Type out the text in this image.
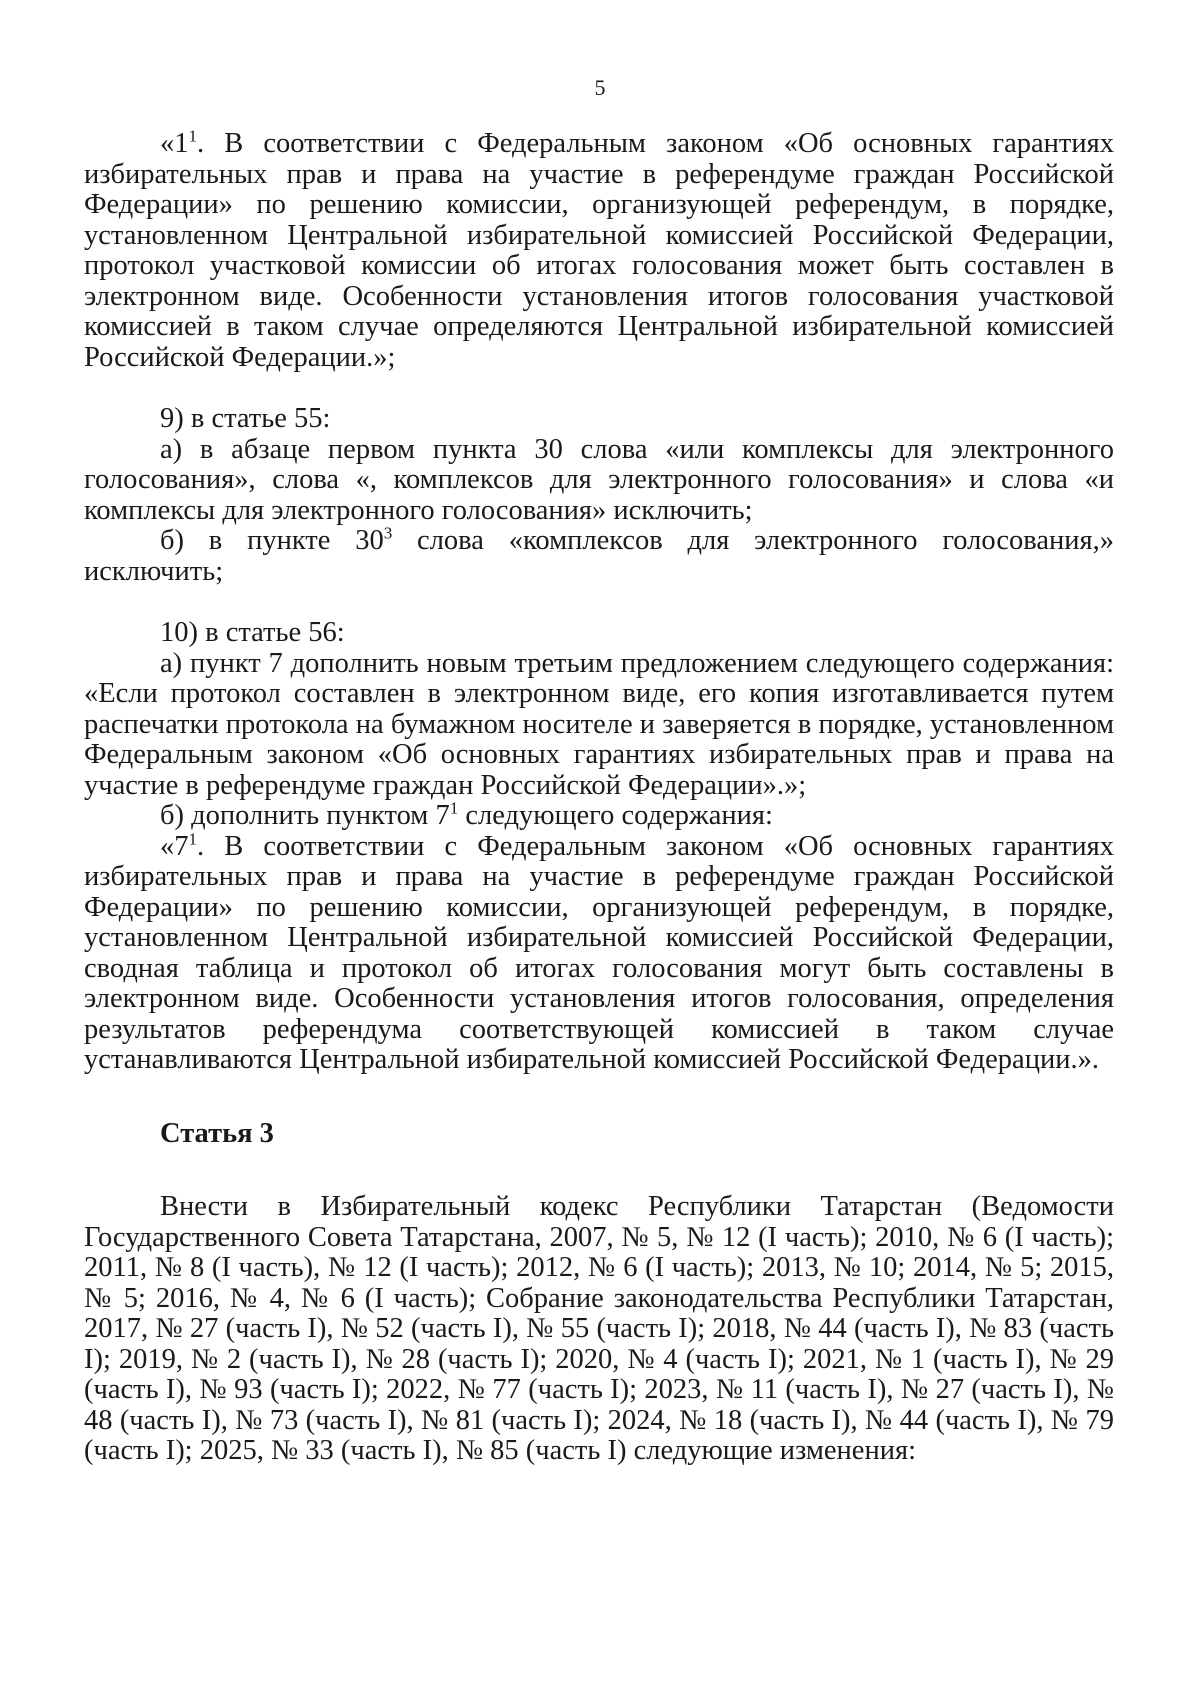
5

«$1^1$. В соответствии с Федеральным законом «Об основных гарантиях избирательных прав и права на участие в референдуме граждан Российской Федерации» по решению комиссии, организующей референдум, в порядке, установленном Центральной избирательной комиссией Российской Федерации, протокол участковой комиссии об итогах голосования может быть составлен в электронном виде. Особенности установления итогов голосования участковой комиссией в таком случае определяются Центральной избирательной комиссией Российской Федерации.»;

9) в статье 55:

а) в абзаце первом пункта 30 слова «или комплексы для электронного голосования», слова «, комплексов для электронного голосования» и слова «и комплексы для электронного голосования» исключить;

б) в пункте $30^3$ слова «комплексов для электронного голосования,» исключить;

10) в статье 56:

а) пункт 7 дополнить новым третьим предложением следующего содержания: «Если протокол составлен в электронном виде, его копия изготавливается путем распечатки протокола на бумажном носителе и заверяется в порядке, установленном Федеральным законом «Об основных гарантиях избирательных прав и права на участие в референдуме граждан Российской Федерации».»;

б) дополнить пунктом $7^1$ следующего содержания:

«$7^1$. В соответствии с Федеральным законом «Об основных гарантиях избирательных прав и права на участие в референдуме граждан Российской Федерации» по решению комиссии, организующей референдум, в порядке, установленном Центральной избирательной комиссией Российской Федерации, сводная таблица и протокол об итогах голосования могут быть составлены в электронном виде. Особенности установления итогов голосования, определения результатов референдума соответствующей комиссией в таком случае устанавливаются Центральной избирательной комиссией Российской Федерации.».

Статья 3

Внести в Избирательный кодекс Республики Татарстан (Ведомости Государственного Совета Татарстана, 2007, № 5, № 12 (I часть); 2010, № 6 (I часть); 2011, № 8 (I часть), № 12 (I часть); 2012, № 6 (I часть); 2013, № 10; 2014, № 5; 2015, № 5; 2016, № 4, № 6 (I часть); Собрание законодательства Республики Татарстан, 2017, № 27 (часть I), № 52 (часть I), № 55 (часть I); 2018, № 44 (часть I), № 83 (часть I); 2019, № 2 (часть I), № 28 (часть I); 2020, № 4 (часть I); 2021, № 1 (часть I), № 29 (часть I), № 93 (часть I); 2022, № 77 (часть I); 2023, № 11 (часть I), № 27 (часть I), № 48 (часть I), № 73 (часть I), № 81 (часть I); 2024, № 18 (часть I), № 44 (часть I), № 79 (часть I); 2025, № 33 (часть I), № 85 (часть I) следующие изменения:
